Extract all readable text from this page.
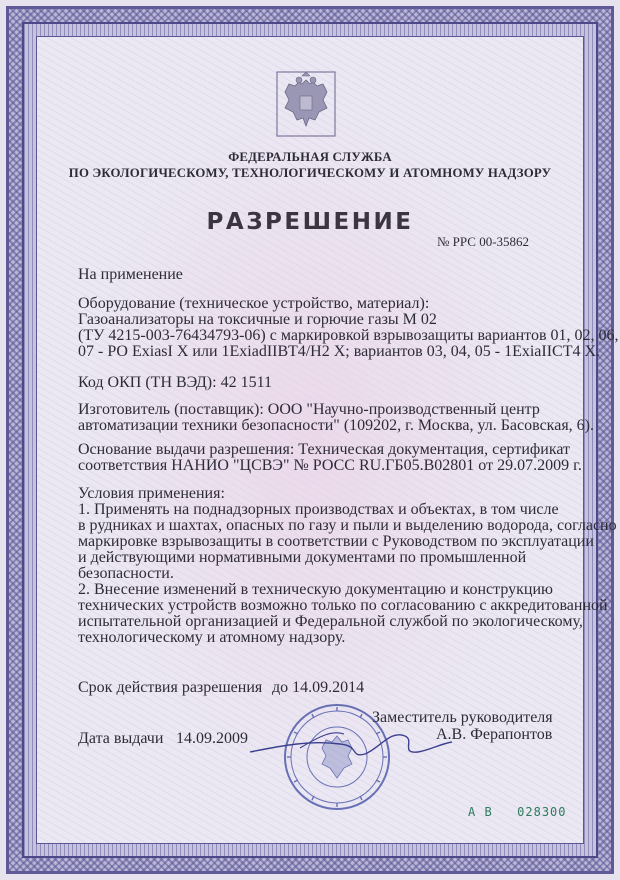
ФЕДЕРАЛЬНАЯ СЛУЖБА
ПО ЭКОЛОГИЧЕСКОМУ, ТЕХНОЛОГИЧЕСКОМУ И АТОМНОМУ НАДЗОРУ
РАЗРЕШЕНИЕ
№ РРС 00-35862
На применение
Оборудование (техническое устройство, материал):
Газоанализаторы на токсичные и горючие газы М 02
(ТУ 4215-003-76434793-06) с маркировкой взрывозащиты вариантов 01, 02, 06,
07 - РО ExiasI X или 1ExiadIIВТ4/Н2 X; вариантов 03, 04, 05 - 1ExiaIIСТ4 X.
Код ОКП (ТН ВЭД): 42 1511
Изготовитель (поставщик): ООО "Научно-производственный центр
автоматизации техники безопасности" (109202, г. Москва, ул. Басовская, 6).
Основание выдачи разрешения: Техническая документация, сертификат
соответствия НАНИО "ЦСВЭ" № РОСС RU.ГБ05.В02801 от 29.07.2009 г.
Условия применения:
1. Применять на поднадзорных производствах и объектах, в том числе
в рудниках и шахтах, опасных по газу и пыли и выделению водорода, согласно
маркировке взрывозащиты в соответствии с Руководством по эксплуатации
и действующими нормативными документами по промышленной
безопасности.
2. Внесение изменений в техническую документацию и конструкцию
технических устройств возможно только по согласованию с аккредитованной
испытательной организацией и Федеральной службой по экологическому,
технологическому и атомному надзору.
Срок действия разрешения до 14.09.2014
Заместитель руководителя
А.В. Ферапонтов
Дата выдачи 14.09.2009
А В 028300
